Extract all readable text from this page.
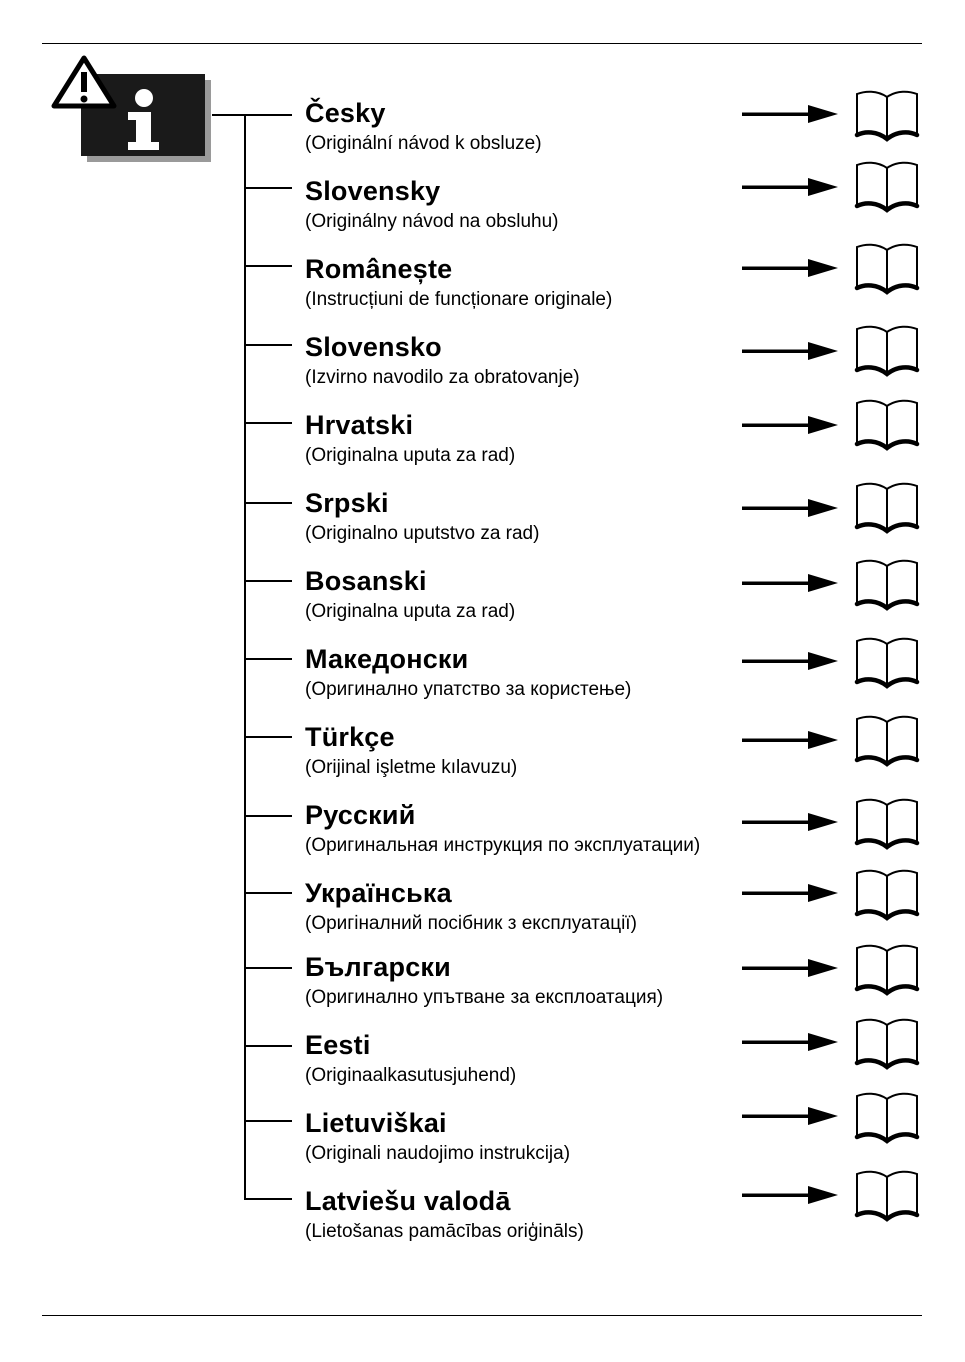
Česky
(Originální návod k obsluze)
Slovensky
(Originálny návod na obsluhu)
Românește
(Instrucțiuni de funcționare originale)
Slovensko
(Izvirno navodilo za obratovanje)
Hrvatski
(Originalna uputa za rad)
Srpski
(Originalno uputstvo za rad)
Bosanski
(Originalna uputa za rad)
Македонски
(Оригинално упатство за користење)
Türkçe
(Orijinal işletme kılavuzu)
Русский
(Оригинальная инструкция по эксплуатации)
Українська
(Оригіналний посібник з експлуатації)
Български
(Оригинално упътване за експлоатация)
Eesti
(Originaalkasutusjuhend)
Lietuviškai
(Originali naudojimo instrukcija)
Latviešu valodā
(Lietošanas pamācības oriģināls)
